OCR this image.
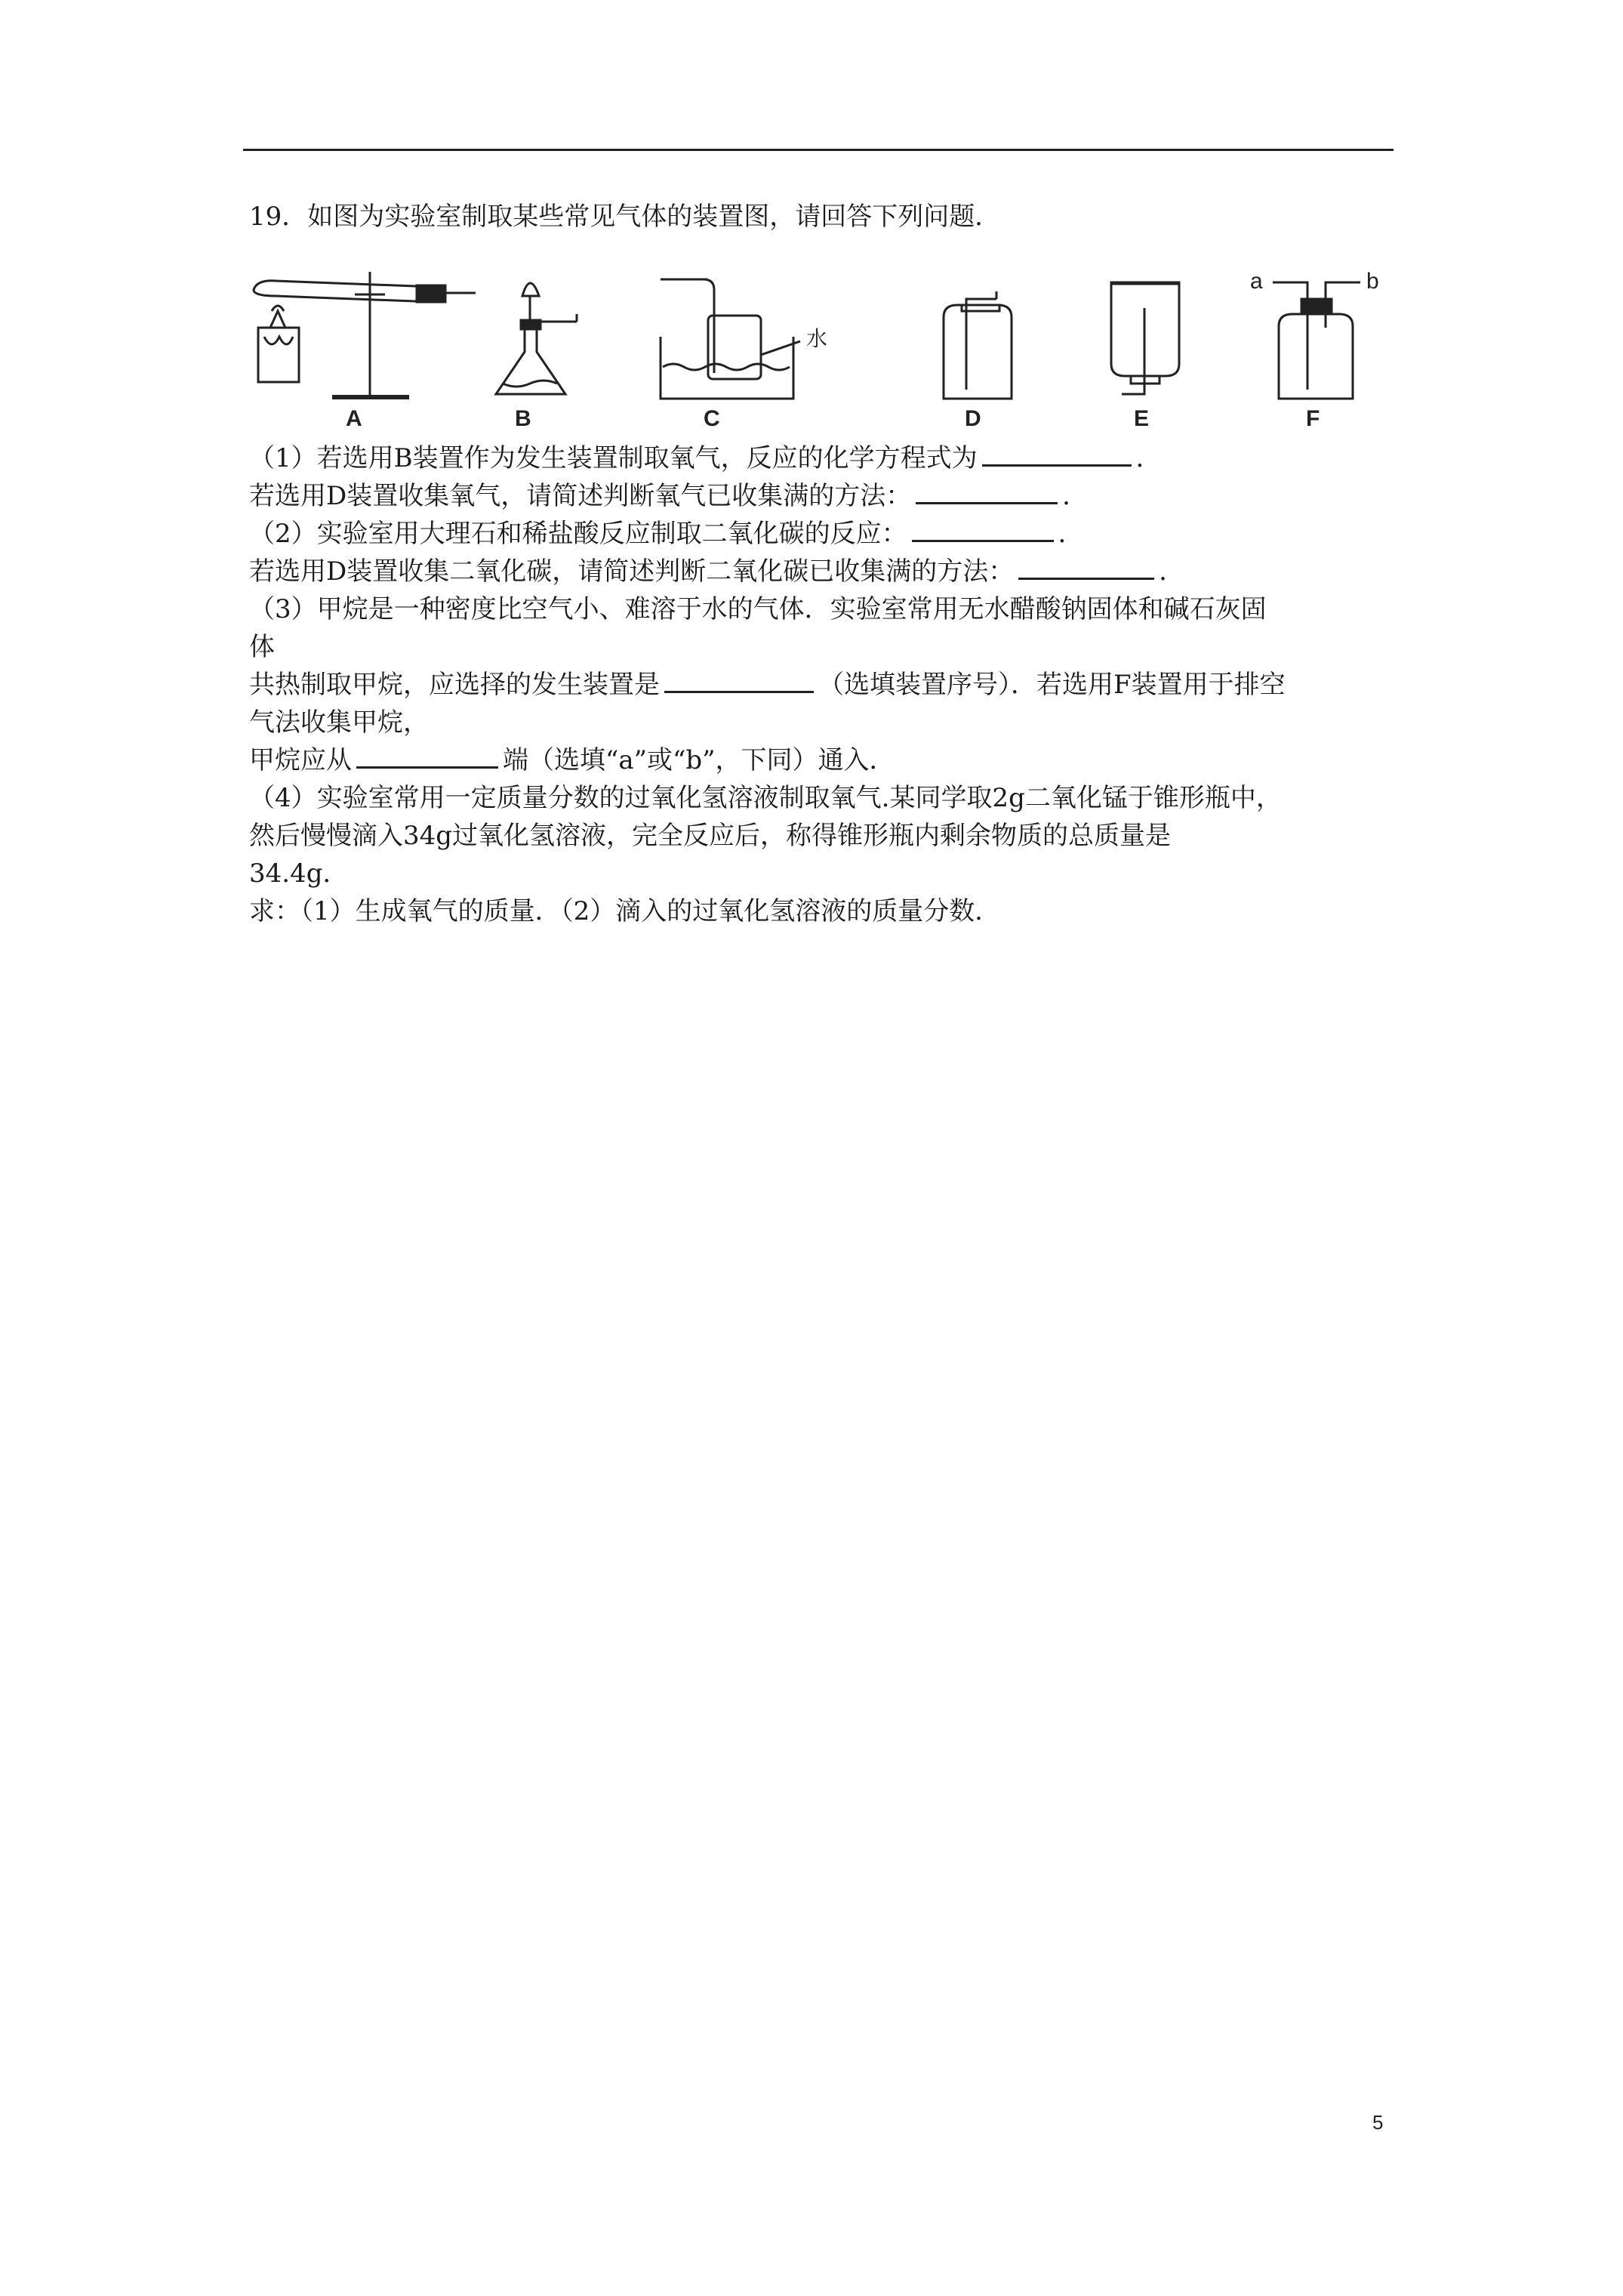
19．如图为实验室制取某些常见气体的装置图，请回答下列问题．
A	B
水
C	D	E
a	b
F
（1）若选用B装置作为发生装置制取氧气，反应的化学方程式为	．
若选用D装置收集氧气，请简述判断氧气已收集满的方法：	．
（2）实验室用大理石和稀盐酸反应制取二氧化碳的反应：	．
若选用D装置收集二氧化碳，请简述判断二氧化碳已收集满的方法：	．
（3）甲烷是一种密度比空气小、难溶于水的气体．实验室常用无水醋酸钠固体和碱石灰固
体
共热制取甲烷，应选择的发生装置是	（选填装置序号）．若选用F装置用于排空
气法收集甲烷，
甲烷应从	端（选填“a”或“b”，下同）通入．
（4）实验室常用一定质量分数的过氧化氢溶液制取氧气.某同学取2g二氧化锰于锥形瓶中，
然后慢慢滴入34g过氧化氢溶液，完全反应后，称得锥形瓶内剩余物质的总质量是
34.4g．
求：（1）生成氧气的质量．（2）滴入的过氧化氢溶液的质量分数．
5
